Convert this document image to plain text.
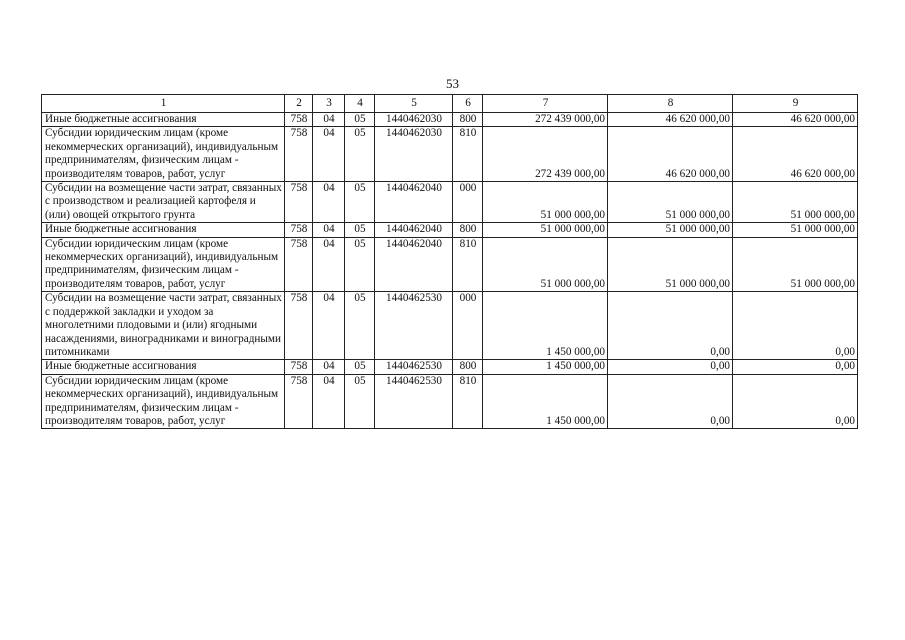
53
1	2	3	4	5	6	7	8	9
Иные бюджетные ассигнования	758	04	05	1440462030	800	272 439 000,00	46 620 000,00	46 620 000,00
Субсидии юридическим лицам (кроме некоммерческих организаций), индивидуальным предпринимателям, физическим лицам - производителям товаров, работ, услуг	758	04	05	1440462030	810	272 439 000,00	46 620 000,00	46 620 000,00
Субсидии на возмещение части затрат, связанных с производством и реализацией картофеля и (или) овощей открытого грунта	758	04	05	1440462040	000	51 000 000,00	51 000 000,00	51 000 000,00
Иные бюджетные ассигнования	758	04	05	1440462040	800	51 000 000,00	51 000 000,00	51 000 000,00
Субсидии юридическим лицам (кроме некоммерческих организаций), индивидуальным предпринимателям, физическим лицам - производителям товаров, работ, услуг	758	04	05	1440462040	810	51 000 000,00	51 000 000,00	51 000 000,00
Субсидии на возмещение части затрат, связанных с поддержкой закладки и уходом за многолетними плодовыми и (или) ягодными насаждениями, виноградниками и виноградными питомниками	758	04	05	1440462530	000	1 450 000,00	0,00	0,00
Иные бюджетные ассигнования	758	04	05	1440462530	800	1 450 000,00	0,00	0,00
Субсидии юридическим лицам (кроме некоммерческих организаций), индивидуальным предпринимателям, физическим лицам - производителям товаров, работ, услуг	758	04	05	1440462530	810	1 450 000,00	0,00	0,00
